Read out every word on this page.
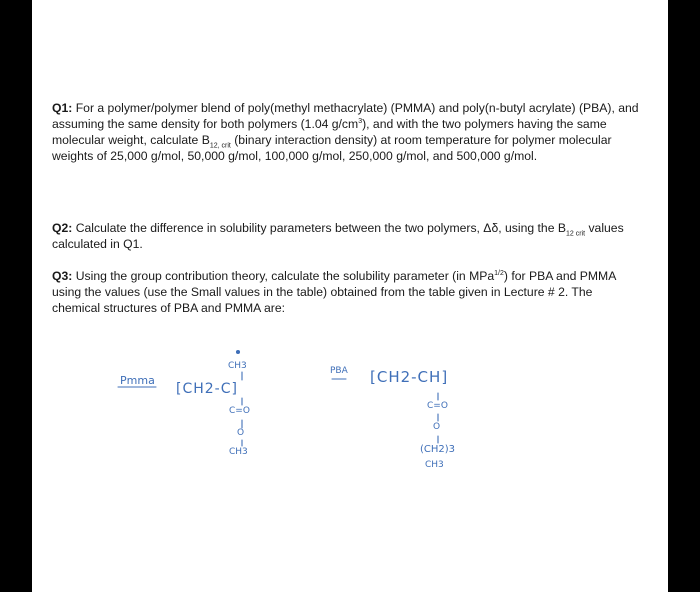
Q1: For a polymer/polymer blend of poly(methyl methacrylate) (PMMA) and poly(n-butyl acrylate) (PBA), and assuming the same density for both polymers (1.04 $g/cm^3$), and with the two polymers having the same molecular weight, calculate $B_{12, crit}$ (binary interaction density) at room temperature for polymer molecular weights of 25,000 g/mol, 50,000 g/mol, 100,000 g/mol, 250,000 g/mol, and 500,000 g/mol.
Q2: Calculate the difference in solubility parameters between the two polymers, Δδ, using the $B_{12 crit}$ values calculated in Q1.
Q3: Using the group contribution theory, calculate the solubility parameter (in MPa$^{1/2}$) for PBA and PMMA using the values (use the Small values in the table) obtained from the table given in Lecture # 2. The chemical structures of PBA and PMMA are:
Pmma
CH3
[CH2-C]
C=O
O
CH3
PBA [CH2-CH]
C=O
O
(CH2)3
CH3
